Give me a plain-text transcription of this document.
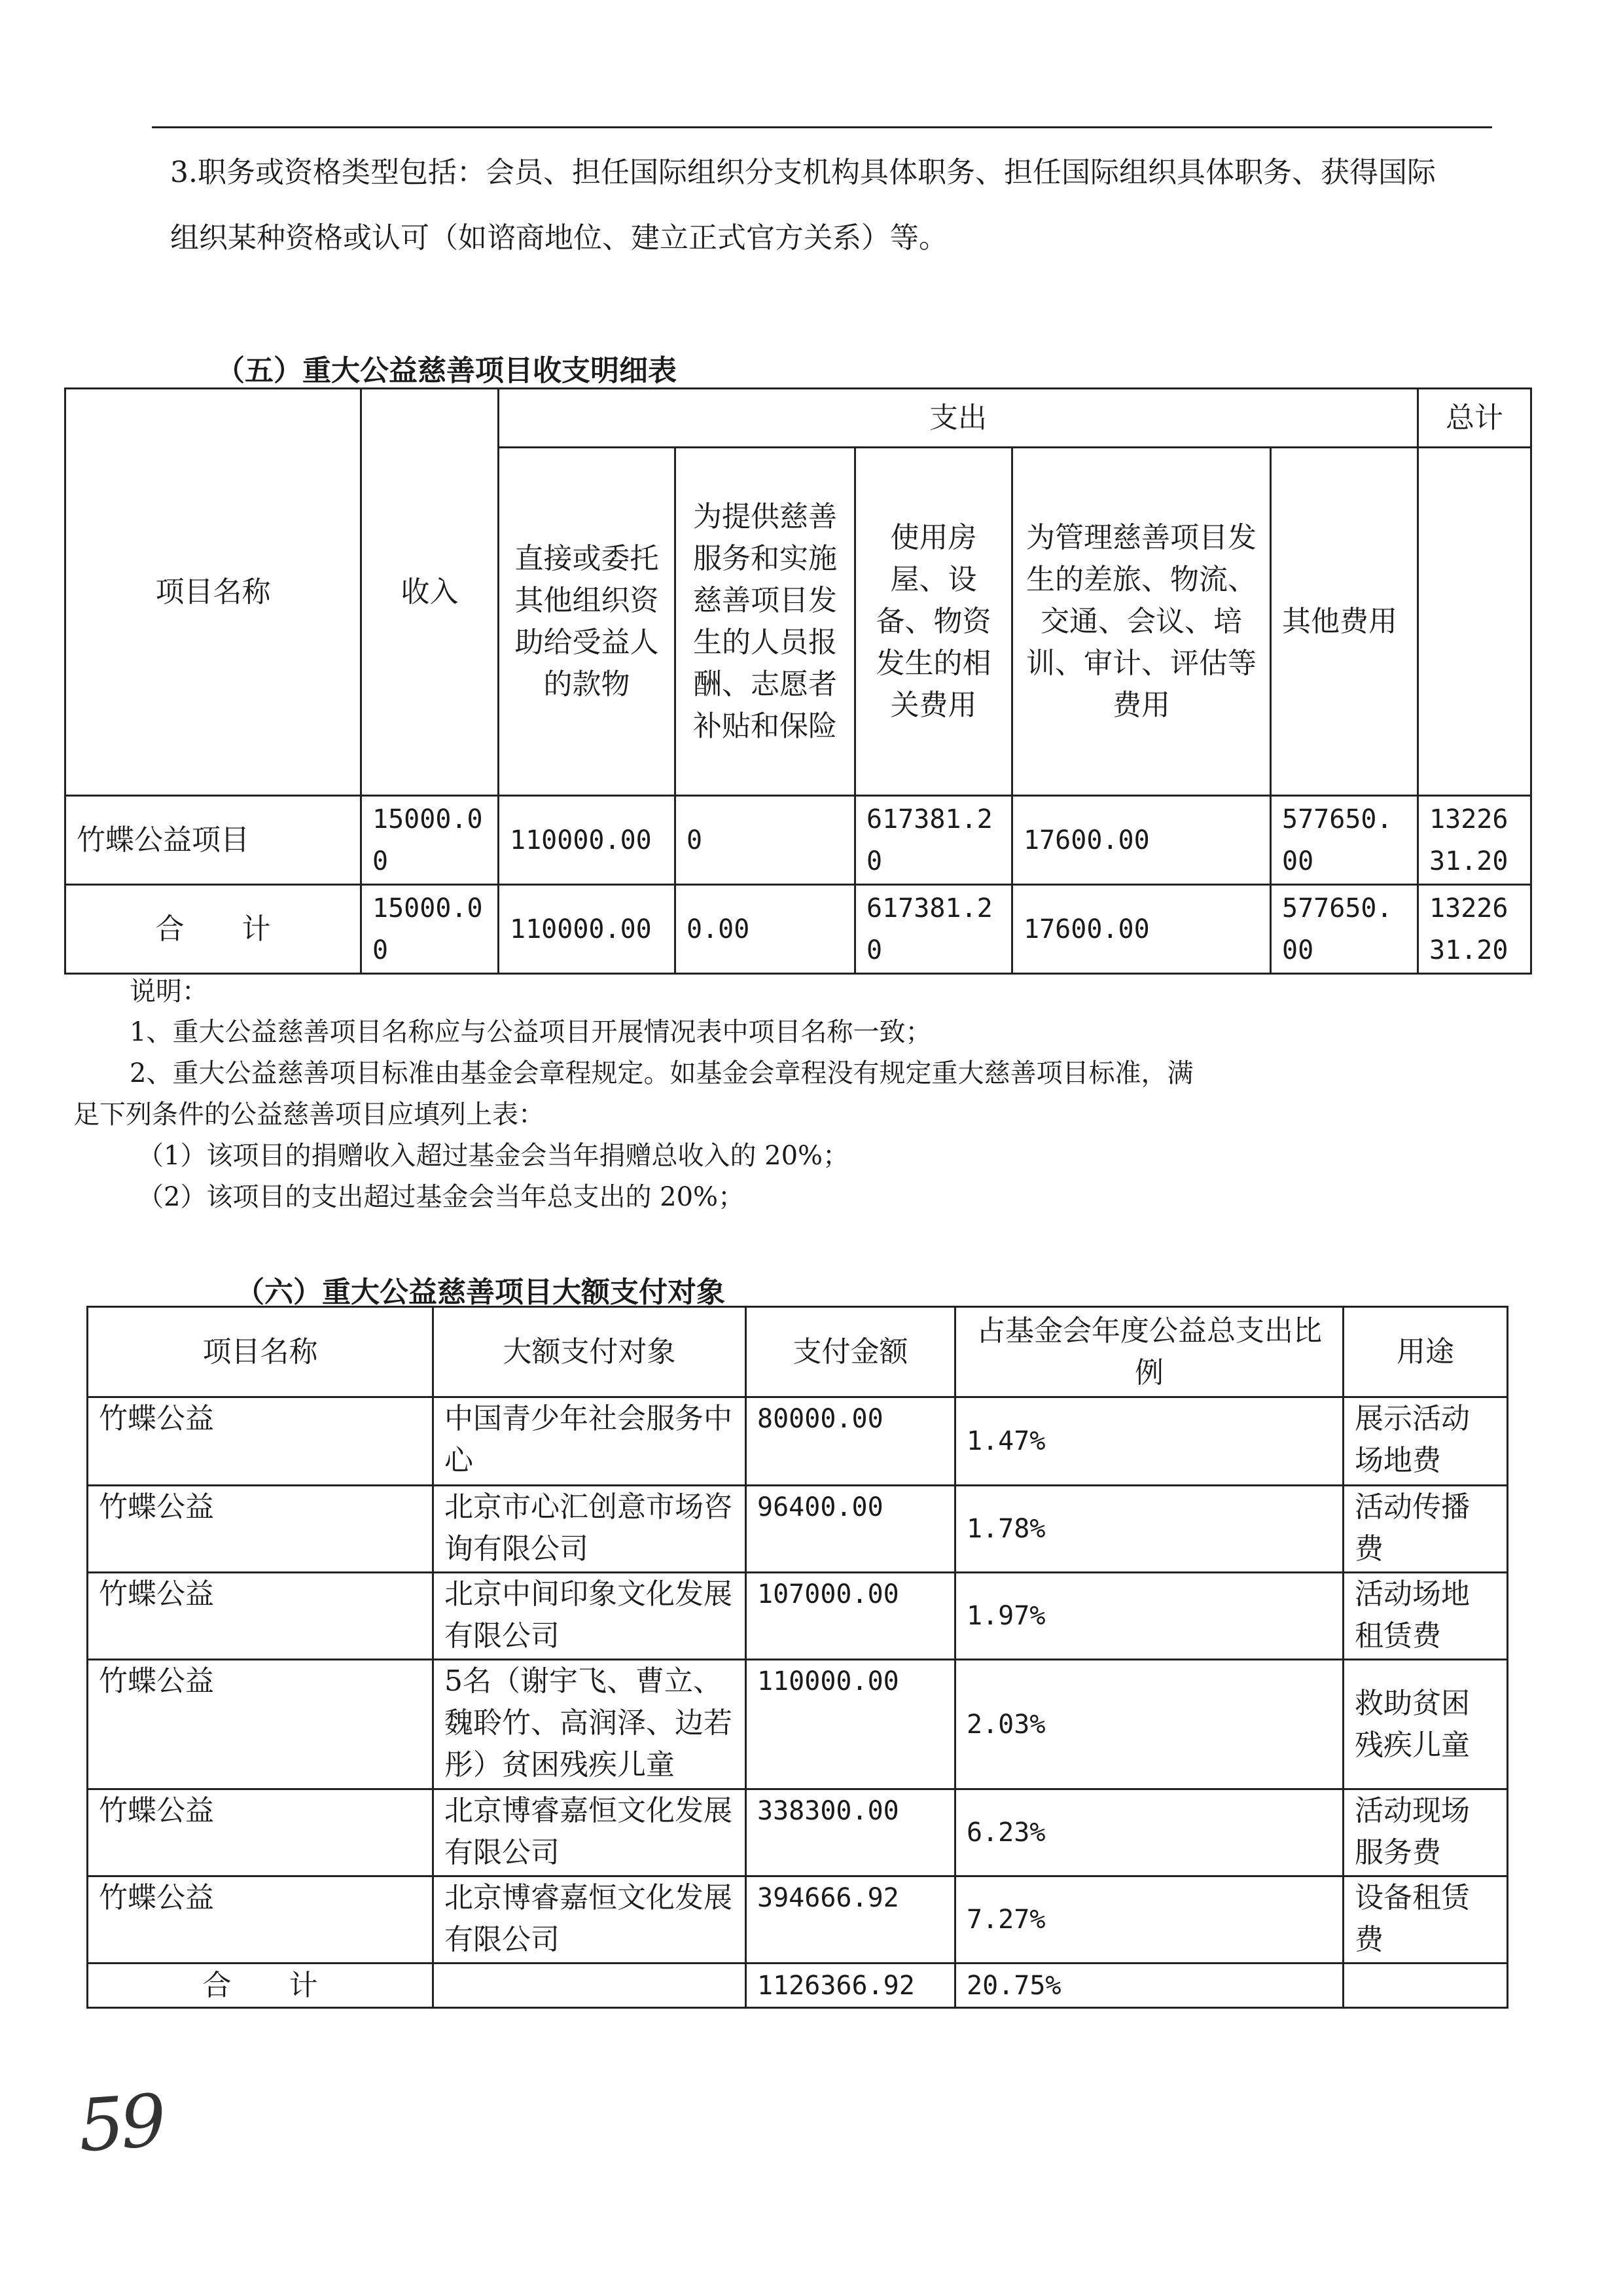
3.职务或资格类型包括：会员、担任国际组织分支机构具体职务、担任国际组织具体职务、获得国际
组织某种资格或认可（如谘商地位、建立正式官方关系）等。
（五）重大公益慈善项目收支明细表
项目名称	收入	支出					总计
		直接或委托其他组织资助给受益人的款物	为提供慈善服务和实施慈善项目发生的人员报酬、志愿者补贴和保险	使用房屋、设备、物资发生的相关费用	为管理慈善项目发生的差旅、物流、交通、会议、培训、审计、评估等费用	其他费用	
竹蝶公益项目	15000.00	110000.00	0	617381.20	17600.00	577650.00	1322631.20
合　　计	15000.00	110000.00	0.00	617381.20	17600.00	577650.00	1322631.20
说明：
1、重大公益慈善项目名称应与公益项目开展情况表中项目名称一致；
2、重大公益慈善项目标准由基金会章程规定。如基金会章程没有规定重大慈善项目标准，满
足下列条件的公益慈善项目应填列上表：
（1）该项目的捐赠收入超过基金会当年捐赠总收入的 20%；
（2）该项目的支出超过基金会当年总支出的 20%；
（六）重大公益慈善项目大额支付对象
项目名称	大额支付对象	支付金额	占基金会年度公益总支出比例	用途
竹蝶公益	中国青少年社会服务中心	80000.00	1.47%	展示活动场地费
竹蝶公益	北京市心汇创意市场咨询有限公司	96400.00	1.78%	活动传播费
竹蝶公益	北京中间印象文化发展有限公司	107000.00	1.97%	活动场地租赁费
竹蝶公益	5名（谢宇飞、曹立、魏聆竹、高润泽、边若彤）贫困残疾儿童	110000.00	2.03%	救助贫困残疾儿童
竹蝶公益	北京博睿嘉恒文化发展有限公司	338300.00	6.23%	活动现场服务费
竹蝶公益	北京博睿嘉恒文化发展有限公司	394666.92	7.27%	设备租赁费
合　　计		1126366.92	20.75%	
59
